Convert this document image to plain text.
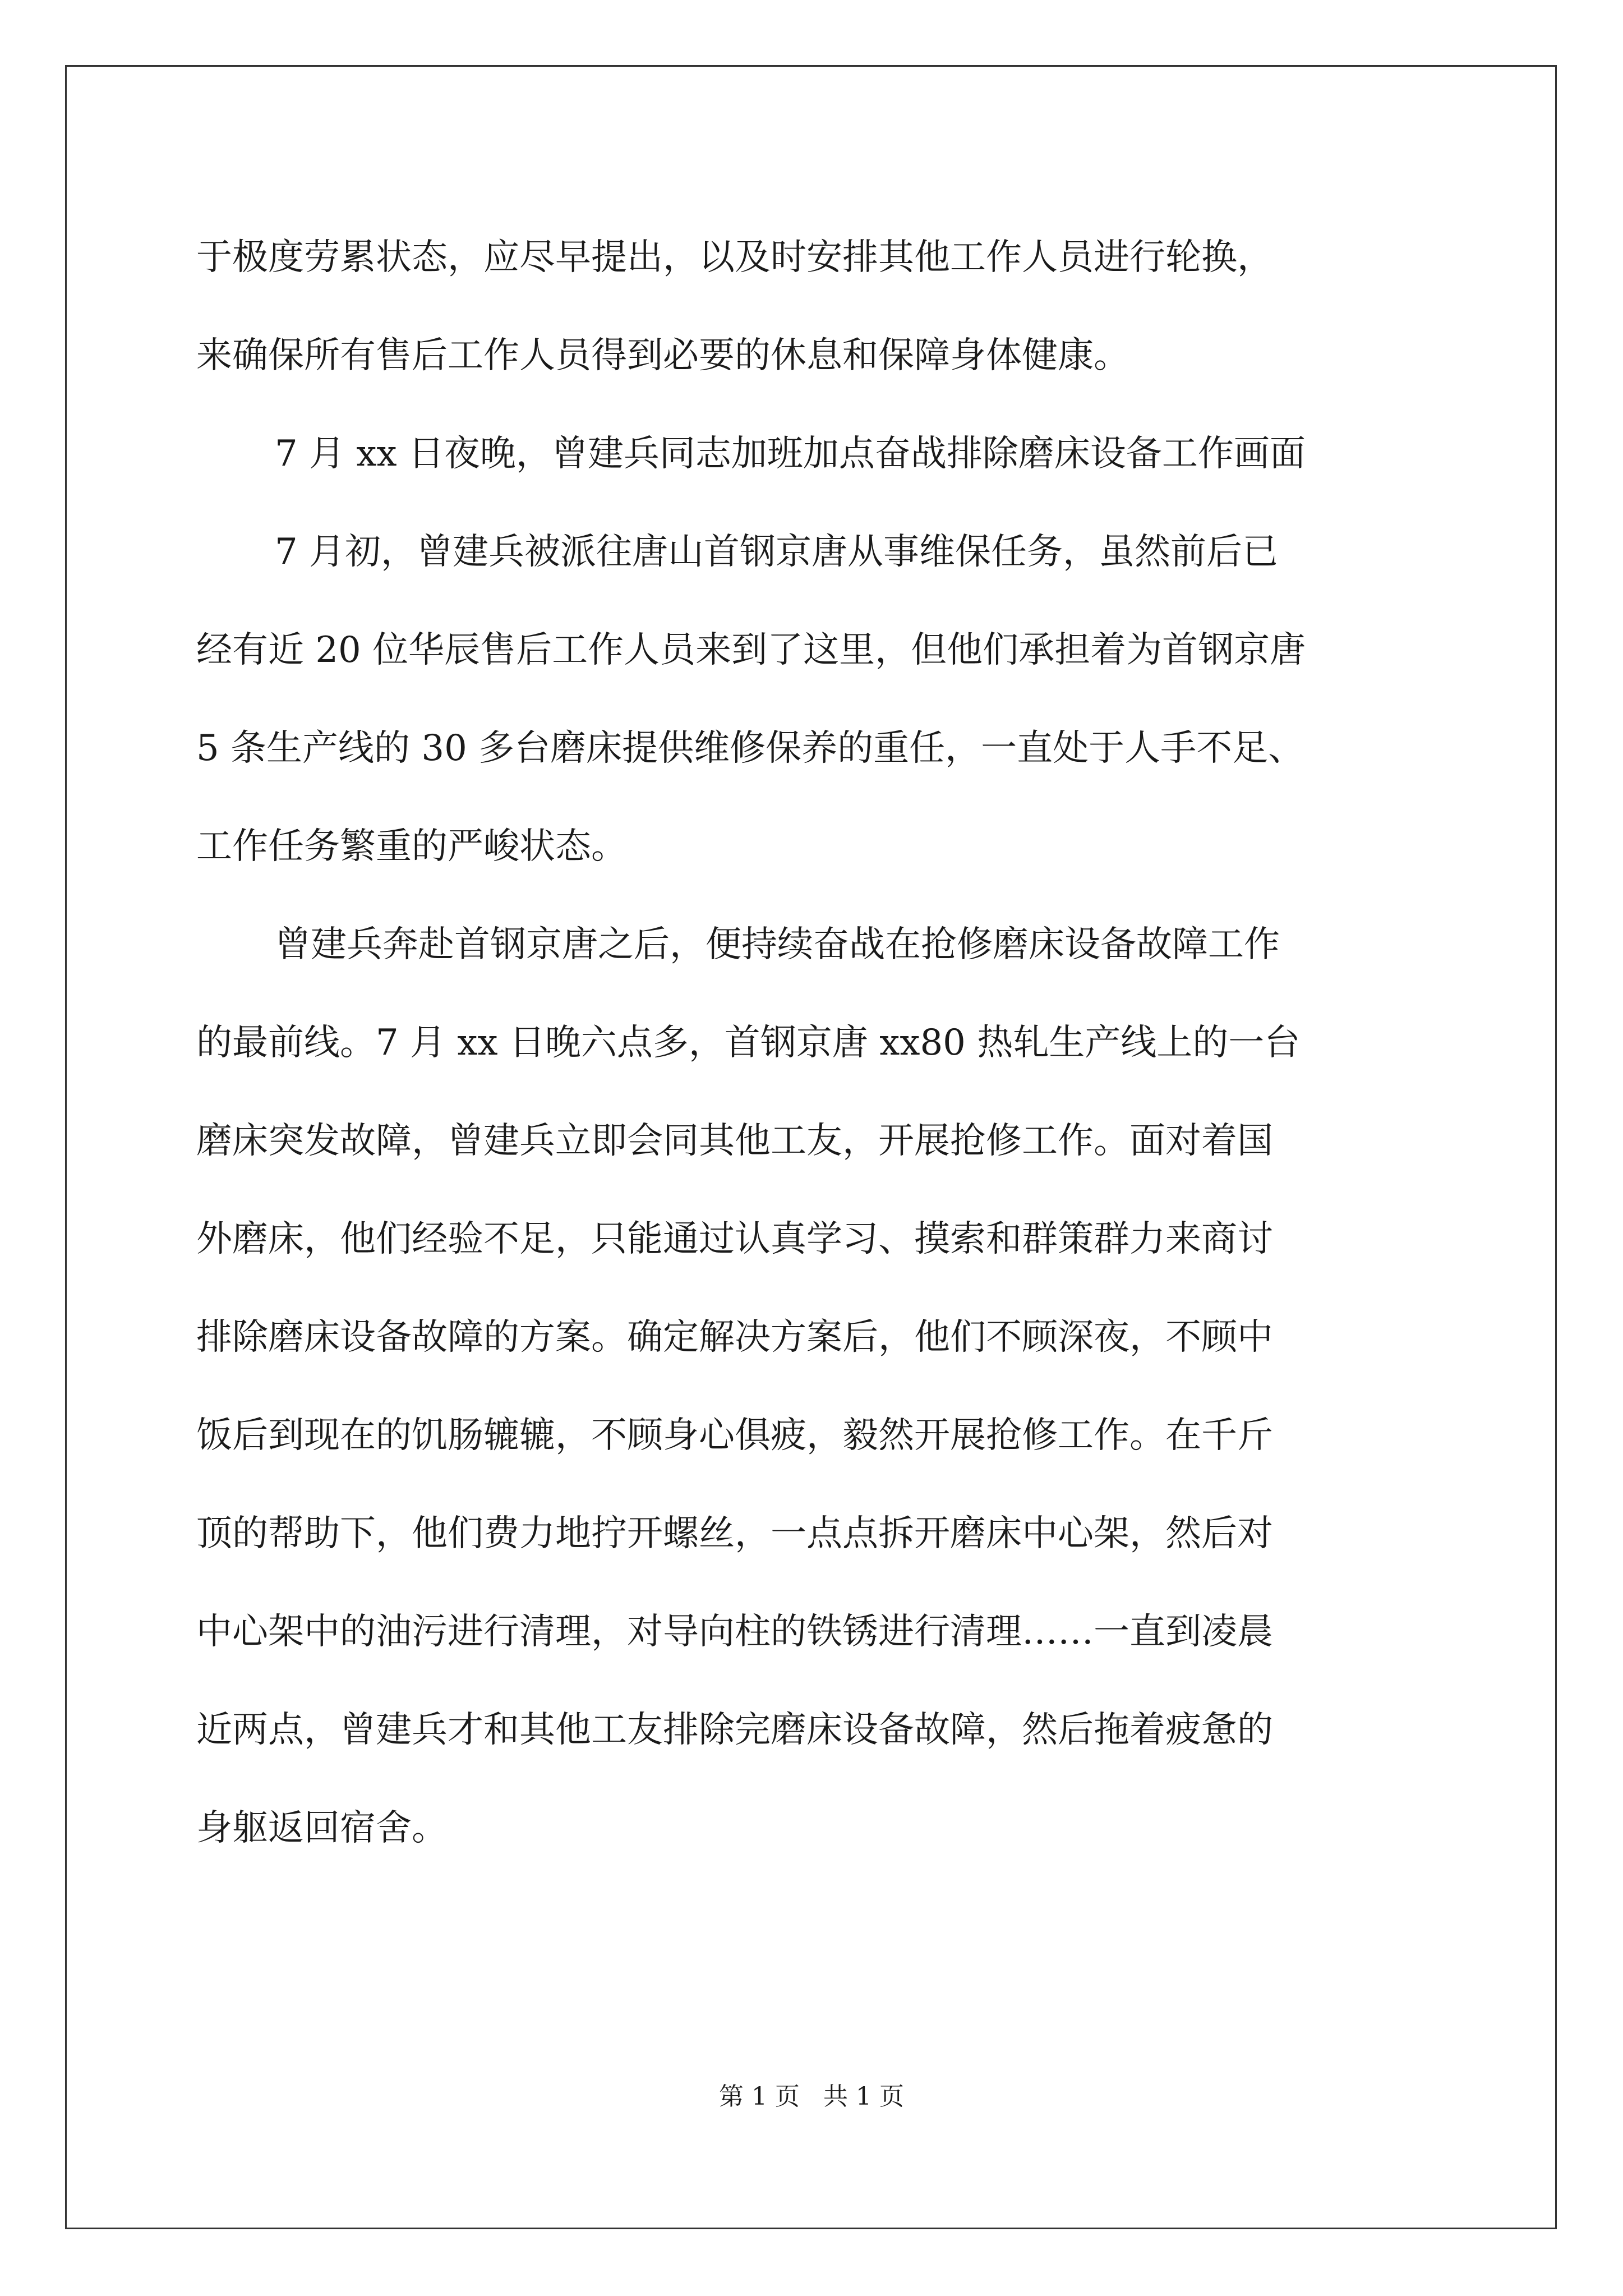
于极度劳累状态，应尽早提出，以及时安排其他工作人员进行轮换，
来确保所有售后工作人员得到必要的休息和保障身体健康。
7 月 xx 日夜晚，曾建兵同志加班加点奋战排除磨床设备工作画面
7 月初，曾建兵被派往唐山首钢京唐从事维保任务，虽然前后已
经有近 20 位华辰售后工作人员来到了这里，但他们承担着为首钢京唐
5 条生产线的 30 多台磨床提供维修保养的重任，一直处于人手不足、
工作任务繁重的严峻状态。
曾建兵奔赴首钢京唐之后，便持续奋战在抢修磨床设备故障工作
的最前线。7 月 xx 日晚六点多，首钢京唐 xx80 热轧生产线上的一台
磨床突发故障，曾建兵立即会同其他工友，开展抢修工作。面对着国
外磨床，他们经验不足，只能通过认真学习、摸索和群策群力来商讨
排除磨床设备故障的方案。确定解决方案后，他们不顾深夜，不顾中
饭后到现在的饥肠辘辘，不顾身心俱疲，毅然开展抢修工作。在千斤
顶的帮助下，他们费力地拧开螺丝，一点点拆开磨床中心架，然后对
中心架中的油污进行清理，对导向柱的铁锈进行清理……一直到凌晨
近两点，曾建兵才和其他工友排除完磨床设备故障，然后拖着疲惫的
身躯返回宿舍。
第 1 页   共 1 页
